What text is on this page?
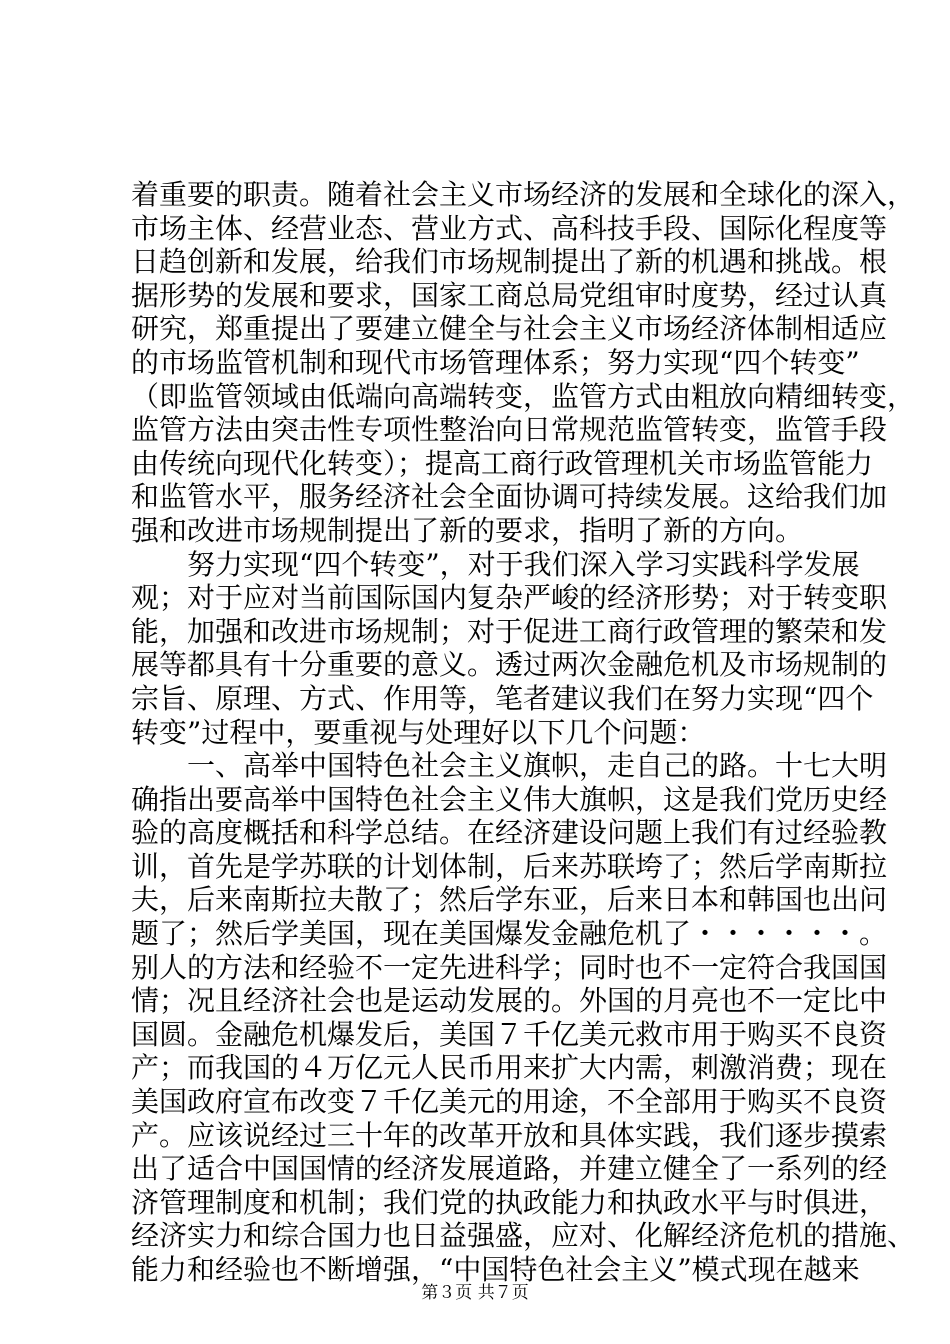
着重要的职责。随着社会主义市场经济的发展和全球化的深入，
市场主体、经营业态、营业方式、高科技手段、国际化程度等
日趋创新和发展，给我们市场规制提出了新的机遇和挑战。根
据形势的发展和要求，国家工商总局党组审时度势，经过认真
研究，郑重提出了要建立健全与社会主义市场经济体制相适应
的市场监管机制和现代市场管理体系；努力实现“四个转变”
（即监管领域由低端向高端转变，监管方式由粗放向精细转变，
监管方法由突击性专项性整治向日常规范监管转变，监管手段
由传统向现代化转变）；提高工商行政管理机关市场监管能力
和监管水平，服务经济社会全面协调可持续发展。这给我们加
强和改进市场规制提出了新的要求，指明了新的方向。
　　努力实现“四个转变”，对于我们深入学习实践科学发展
观；对于应对当前国际国内复杂严峻的经济形势；对于转变职
能，加强和改进市场规制；对于促进工商行政管理的繁荣和发
展等都具有十分重要的意义。透过两次金融危机及市场规制的
宗旨、原理、方式、作用等，笔者建议我们在努力实现“四个
转变”过程中，要重视与处理好以下几个问题：
　　一、高举中国特色社会主义旗帜，走自己的路。十七大明
确指出要高举中国特色社会主义伟大旗帜，这是我们党历史经
验的高度概括和科学总结。在经济建设问题上我们有过经验教
训，首先是学苏联的计划体制，后来苏联垮了；然后学南斯拉
夫，后来南斯拉夫散了；然后学东亚，后来日本和韩国也出问
题了；然后学美国，现在美国爆发金融危机了・・・・・・。
别人的方法和经验不一定先进科学；同时也不一定符合我国国
情；况且经济社会也是运动发展的。外国的月亮也不一定比中
国圆。金融危机爆发后，美国７千亿美元救市用于购买不良资
产；而我国的４万亿元人民币用来扩大内需，刺激消费；现在
美国政府宣布改变７千亿美元的用途，不全部用于购买不良资
产。应该说经过三十年的改革开放和具体实践，我们逐步摸索
出了适合中国国情的经济发展道路，并建立健全了一系列的经
济管理制度和机制；我们党的执政能力和执政水平与时俱进，
经济实力和综合国力也日益强盛，应对、化解经济危机的措施、
能力和经验也不断增强，“中国特色社会主义”模式现在越来
第３页 共７页
